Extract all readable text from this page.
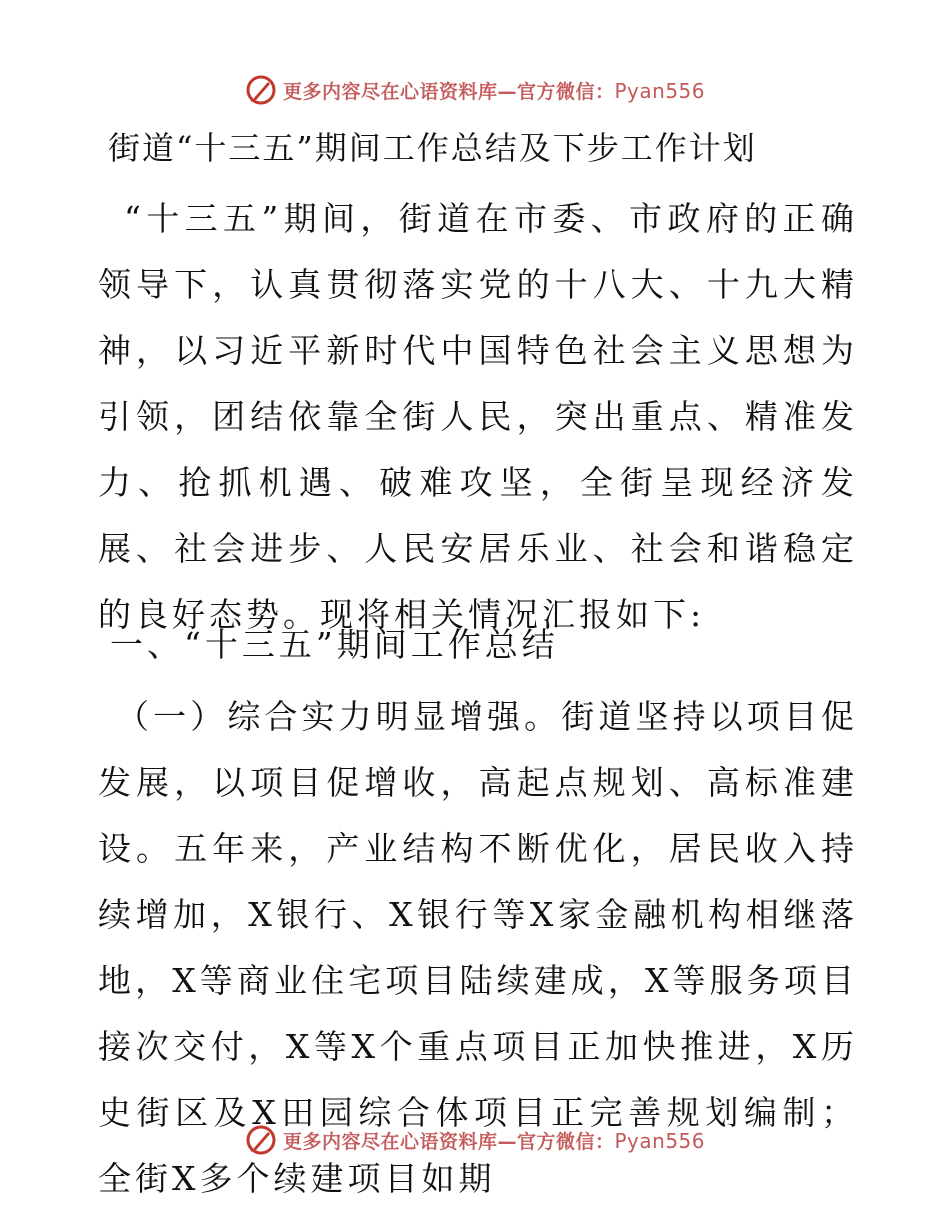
更多内容尽在心语资料库—官方微信：Pyan556
街道“十三五”期间工作总结及下步工作计划

“十三五”期间，街道在市委、市政府的正确领导下，认真贯彻落实党的十八大、十九大精神，以习近平新时代中国特色社会主义思想为引领，团结依靠全街人民，突出重点、精准发力、抢抓机遇、破难攻坚，全街呈现经济发展、社会进步、人民安居乐业、社会和谐稳定的良好态势。现将相关情况汇报如下:

一、“十三五”期间工作总结

（一）综合实力明显增强。街道坚持以项目促发展，以项目促增收，高起点规划、高标准建设。五年来，产业结构不断优化，居民收入持续增加，X银行、X银行等X家金融机构相继落地，X等商业住宅项目陆续建成，X等服务项目接次交付，X等X个重点项目正加快推进，X历史街区及X田园综合体项目正完善规划编制；全街X多个续建项目如期

更多内容尽在心语资料库—官方微信：Pyan556
